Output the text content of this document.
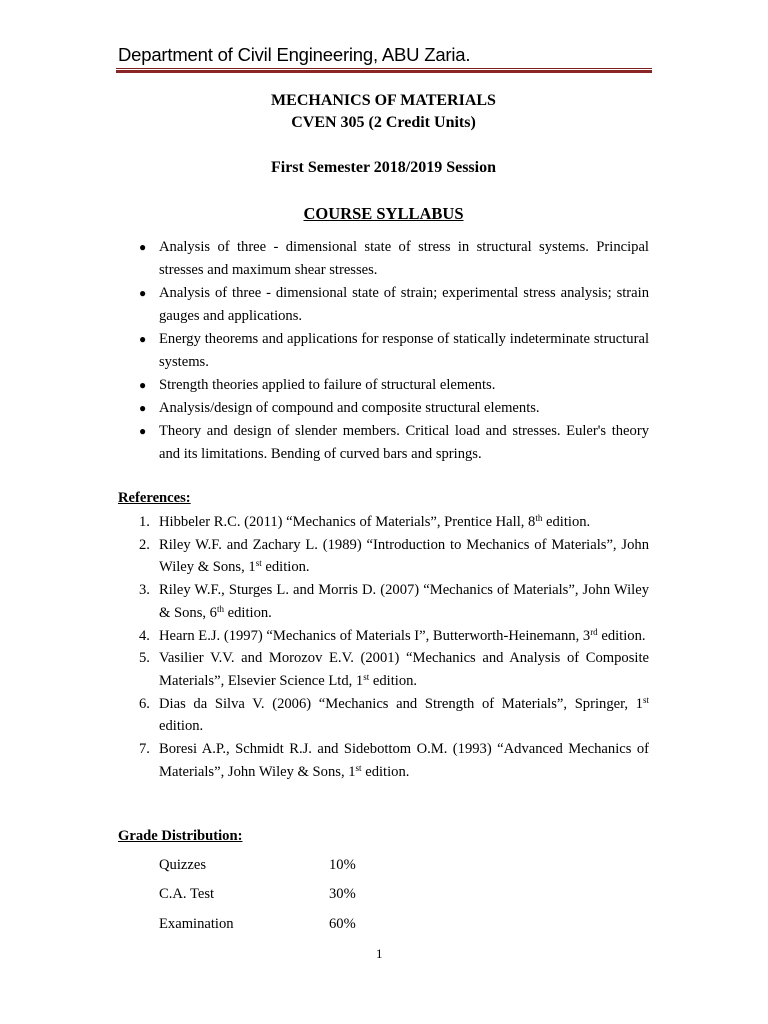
Department of Civil Engineering, ABU Zaria.
MECHANICS OF MATERIALS
CVEN 305 (2 Credit Units)
First Semester 2018/2019 Session
COURSE SYLLABUS
● Analysis of three - dimensional state of stress in structural systems. Principal stresses and maximum shear stresses.
● Analysis of three - dimensional state of strain; experimental stress analysis; strain gauges and applications.
● Energy theorems and applications for response of statically indeterminate structural systems.
● Strength theories applied to failure of structural elements.
● Analysis/design of compound and composite structural elements.
● Theory and design of slender members. Critical load and stresses. Euler's theory and its limitations. Bending of curved bars and springs.
References:
1. Hibbeler R.C. (2011) “Mechanics of Materials”, Prentice Hall, 8th edition.
2. Riley W.F. and Zachary L. (1989) “Introduction to Mechanics of Materials”, John Wiley & Sons, 1st edition.
3. Riley W.F., Sturges L. and Morris D. (2007) “Mechanics of Materials”, John Wiley & Sons, 6th edition.
4. Hearn E.J. (1997) “Mechanics of Materials I”, Butterworth-Heinemann, 3rd edition.
5. Vasilier V.V. and Morozov E.V. (2001) “Mechanics and Analysis of Composite Materials”, Elsevier Science Ltd, 1st edition.
6. Dias da Silva V. (2006) “Mechanics and Strength of Materials”, Springer, 1st edition.
7. Boresi A.P., Schmidt R.J. and Sidebottom O.M. (1993) “Advanced Mechanics of Materials”, John Wiley & Sons, 1st edition.
Grade Distribution:
Quizzes	10%
C.A. Test	30%
Examination	60%
1
